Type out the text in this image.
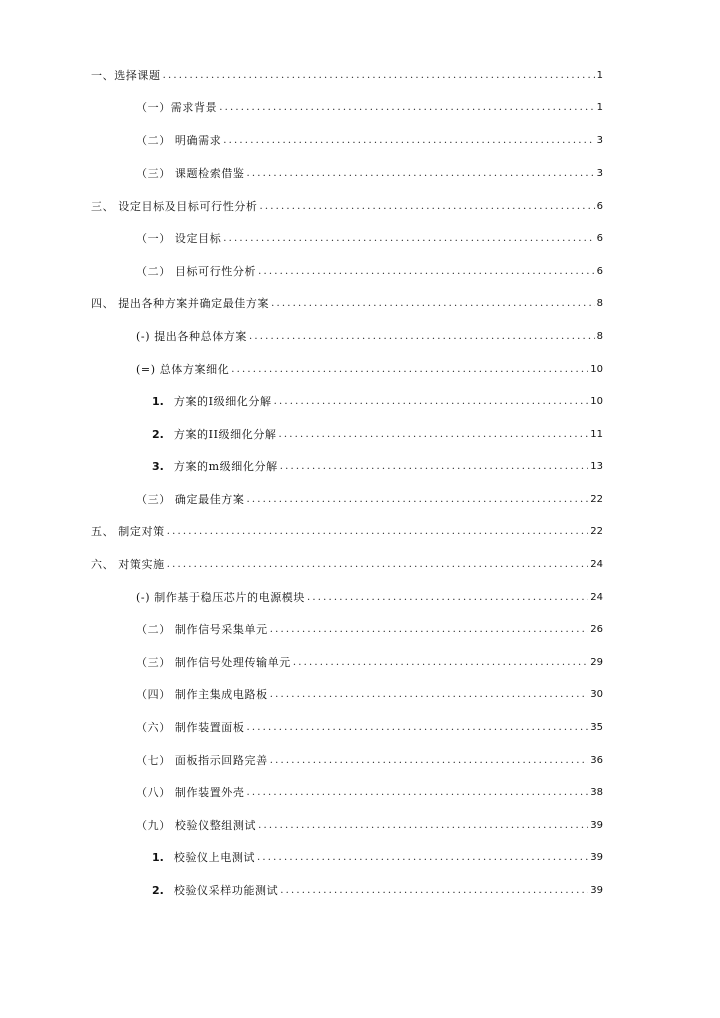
一、选择课题 .....	1
（一）需求背景 .....	1
（二） 明确需求 .....	3
（三） 课题检索借鉴 .....	3
三、 设定目标及目标可行性分析 .....	6
（一） 设定目标 .....	6
（二） 目标可行性分析 .....	6
四、 提出各种方案并确定最佳方案 .....	8
(-) 提出各种总体方案 .....	8
(=) 总体方案细化 .....	10
1. 方案的I级细化分解 .....	10
2. 方案的II级细化分解 .....	11
3. 方案的m级细化分解 .....	13
（三） 确定最佳方案 .....	22
五、 制定对策 .....	22
六、 对策实施 .....	24
(-) 制作基于稳压芯片的电源模块 .....	24
（二） 制作信号采集单元 .....	26
（三） 制作信号处理传输单元 .....	29
（四） 制作主集成电路板 .....	30
（六） 制作装置面板 .....	35
（七） 面板指示回路完善 .....	36
（八） 制作装置外壳 .....	38
（九） 校验仪整组测试 .....	39
1. 校验仪上电测试 .....	39
2. 校验仪采样功能测试 .....	39
